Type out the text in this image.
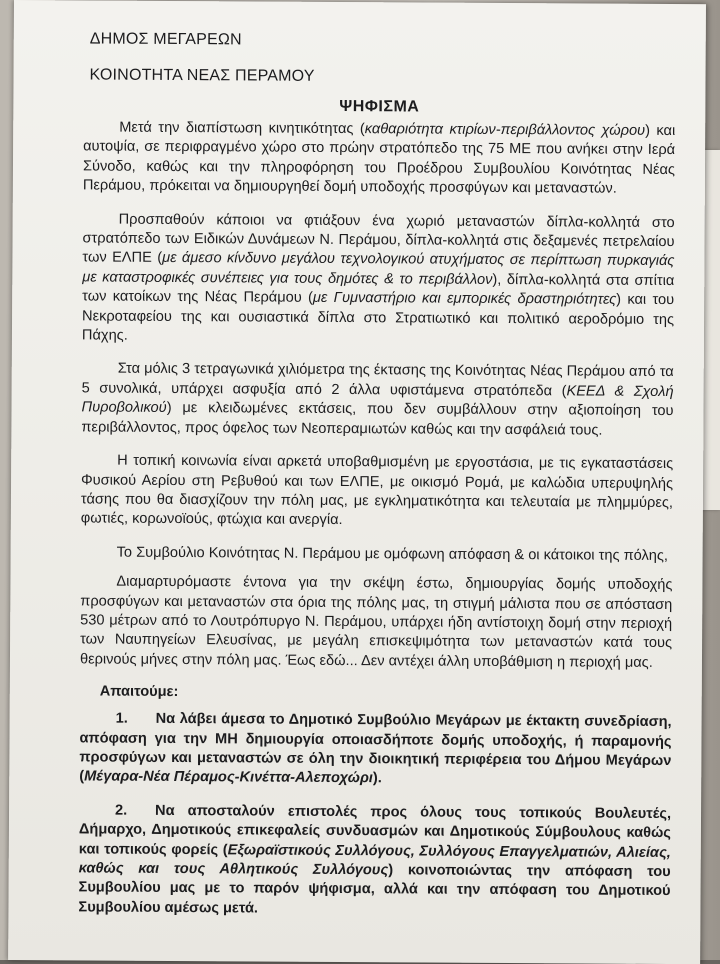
ΔΗΜΟΣ ΜΕΓΑΡΕΩΝ
ΚΟΙΝΟΤΗΤΑ ΝΕΑΣ ΠΕΡΑΜΟΥ
ΨΗΦΙΣΜΑ

Μετά την διαπίστωση κινητικότητας (καθαριότητα κτιρίων-περιβάλλοντος χώρου) και αυτοψία, σε περιφραγμένο χώρο στο πρώην στρατόπεδο της 75 ΜΕ που ανήκει στην Ιερά Σύνοδο, καθώς και την πληροφόρηση του Προέδρου Συμβουλίου Κοινότητας Νέας Περάμου, πρόκειται να δημιουργηθεί δομή υποδοχής προσφύγων και μεταναστών.

Προσπαθούν κάποιοι να φτιάξουν ένα χωριό μεταναστών δίπλα-κολλητά στο στρατόπεδο των Ειδικών Δυνάμεων Ν. Περάμου, δίπλα-κολλητά στις δεξαμενές πετρελαίου των ΕΛΠΕ (με άμεσο κίνδυνο μεγάλου τεχνολογικού ατυχήματος σε περίπτωση πυρκαγιάς με καταστροφικές συνέπειες για τους δημότες & το περιβάλλον), δίπλα-κολλητά στα σπίτια των κατοίκων της Νέας Περάμου (με Γυμναστήριο και εμπορικές δραστηριότητες) και του Νεκροταφείου της και ουσιαστικά δίπλα στο Στρατιωτικό και πολιτικό αεροδρόμιο της Πάχης.

Στα μόλις 3 τετραγωνικά χιλιόμετρα της έκτασης της Κοινότητας Νέας Περάμου από τα 5 συνολικά, υπάρχει ασφυξία από 2 άλλα υφιστάμενα στρατόπεδα (ΚΕΕΔ & Σχολή Πυροβολικού) με κλειδωμένες εκτάσεις, που δεν συμβάλλουν στην αξιοποίηση του περιβάλλοντος, προς όφελος των Νεοπεραμιωτών καθώς και την ασφάλειά τους.

Η τοπική κοινωνία είναι αρκετά υποβαθμισμένη με εργοστάσια, με τις εγκαταστάσεις Φυσικού Αερίου στη Ρεβυθού και των ΕΛΠΕ, με οικισμό Ρομά, με καλώδια υπερυψηλής τάσης που θα διασχίζουν την πόλη μας, με εγκληματικότητα και τελευταία με πλημμύρες, φωτιές, κορωνοϊούς, φτώχια και ανεργία.

Το Συμβούλιο Κοινότητας Ν. Περάμου με ομόφωνη απόφαση & οι κάτοικοι της πόλης,

Διαμαρτυρόμαστε έντονα για την σκέψη έστω, δημιουργίας δομής υποδοχής προσφύγων και μεταναστών στα όρια της πόλης μας, τη στιγμή μάλιστα που σε απόσταση 530 μέτρων από το Λουτρόπυργο Ν. Περάμου, υπάρχει ήδη αντίστοιχη δομή στην περιοχή των Ναυπηγείων Ελευσίνας, με μεγάλη επισκεψιμότητα των μεταναστών κατά τους θερινούς μήνες στην πόλη μας. Έως εδώ... Δεν αντέχει άλλη υποβάθμιση η περιοχή μας.

Απαιτούμε:

1. Να λάβει άμεσα το Δημοτικό Συμβούλιο Μεγάρων με έκτακτη συνεδρίαση, απόφαση για την ΜΗ δημιουργία οποιασδήποτε δομής υποδοχής, ή παραμονής προσφύγων και μεταναστών σε όλη την διοικητική περιφέρεια του Δήμου Μεγάρων (Μέγαρα-Νέα Πέραμος-Κινέττα-Αλεποχώρι).

2. Να αποσταλούν επιστολές προς όλους τους τοπικούς Βουλευτές, Δήμαρχο, Δημοτικούς επικεφαλείς συνδυασμών και Δημοτικούς Σύμβουλους καθώς και τοπικούς φορείς (Εξωραϊστικούς Συλλόγους, Συλλόγους Επαγγελματιών, Αλιείας, καθώς και τους Αθλητικούς Συλλόγους) κοινοποιώντας την απόφαση του Συμβουλίου μας με το παρόν ψήφισμα, αλλά και την απόφαση του Δημοτικού Συμβουλίου αμέσως μετά.
